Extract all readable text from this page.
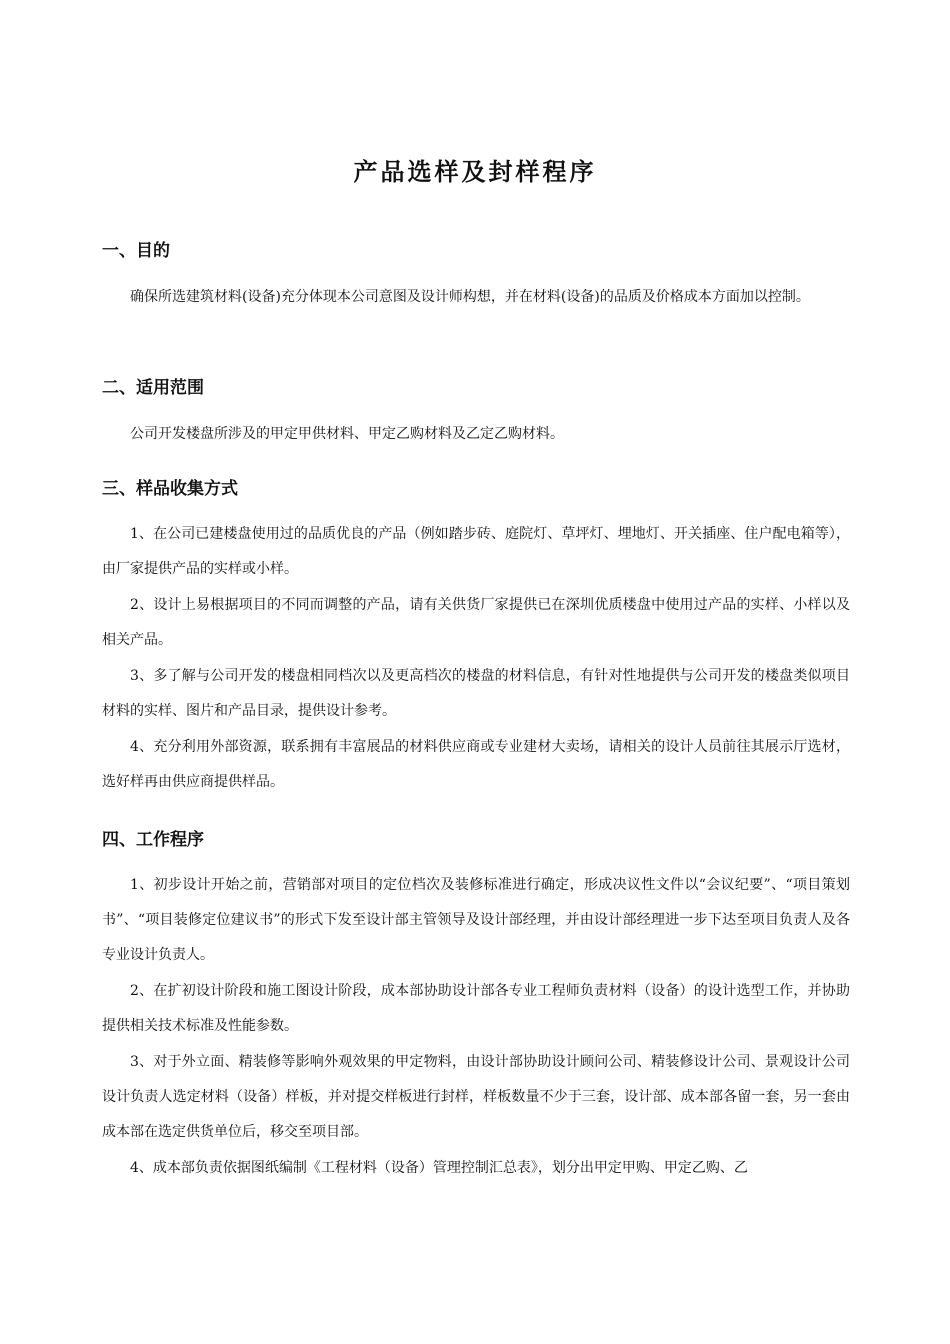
产品选样及封样程序
一、目的
确保所选建筑材料(设备)充分体现本公司意图及设计师构想，并在材料(设备)的品质及价格成本方面加以控制。
二、适用范围
公司开发楼盘所涉及的甲定甲供材料、甲定乙购材料及乙定乙购材料。
三、样品收集方式
1、在公司已建楼盘使用过的品质优良的产品（例如踏步砖、庭院灯、草坪灯、埋地灯、开关插座、住户配电箱等），由厂家提供产品的实样或小样。
2、设计上易根据项目的不同而调整的产品，请有关供货厂家提供已在深圳优质楼盘中使用过产品的实样、小样以及相关产品。
3、多了解与公司开发的楼盘相同档次以及更高档次的楼盘的材料信息，有针对性地提供与公司开发的楼盘类似项目材料的实样、图片和产品目录，提供设计参考。
4、充分利用外部资源，联系拥有丰富展品的材料供应商或专业建材大卖场，请相关的设计人员前往其展示厅选材，选好样再由供应商提供样品。
四、工作程序
1、初步设计开始之前，营销部对项目的定位档次及装修标准进行确定，形成决议性文件以“会议纪要”、“项目策划书”、“项目装修定位建议书”的形式下发至设计部主管领导及设计部经理，并由设计部经理进一步下达至项目负责人及各专业设计负责人。
2、在扩初设计阶段和施工图设计阶段，成本部协助设计部各专业工程师负责材料（设备）的设计选型工作，并协助提供相关技术标准及性能参数。
3、对于外立面、精装修等影响外观效果的甲定物料，由设计部协助设计顾问公司、精装修设计公司、景观设计公司设计负责人选定材料（设备）样板，并对提交样板进行封样，样板数量不少于三套，设计部、成本部各留一套，另一套由成本部在选定供货单位后，移交至项目部。
4、成本部负责依据图纸编制《工程材料（设备）管理控制汇总表》，划分出甲定甲购、甲定乙购、乙
